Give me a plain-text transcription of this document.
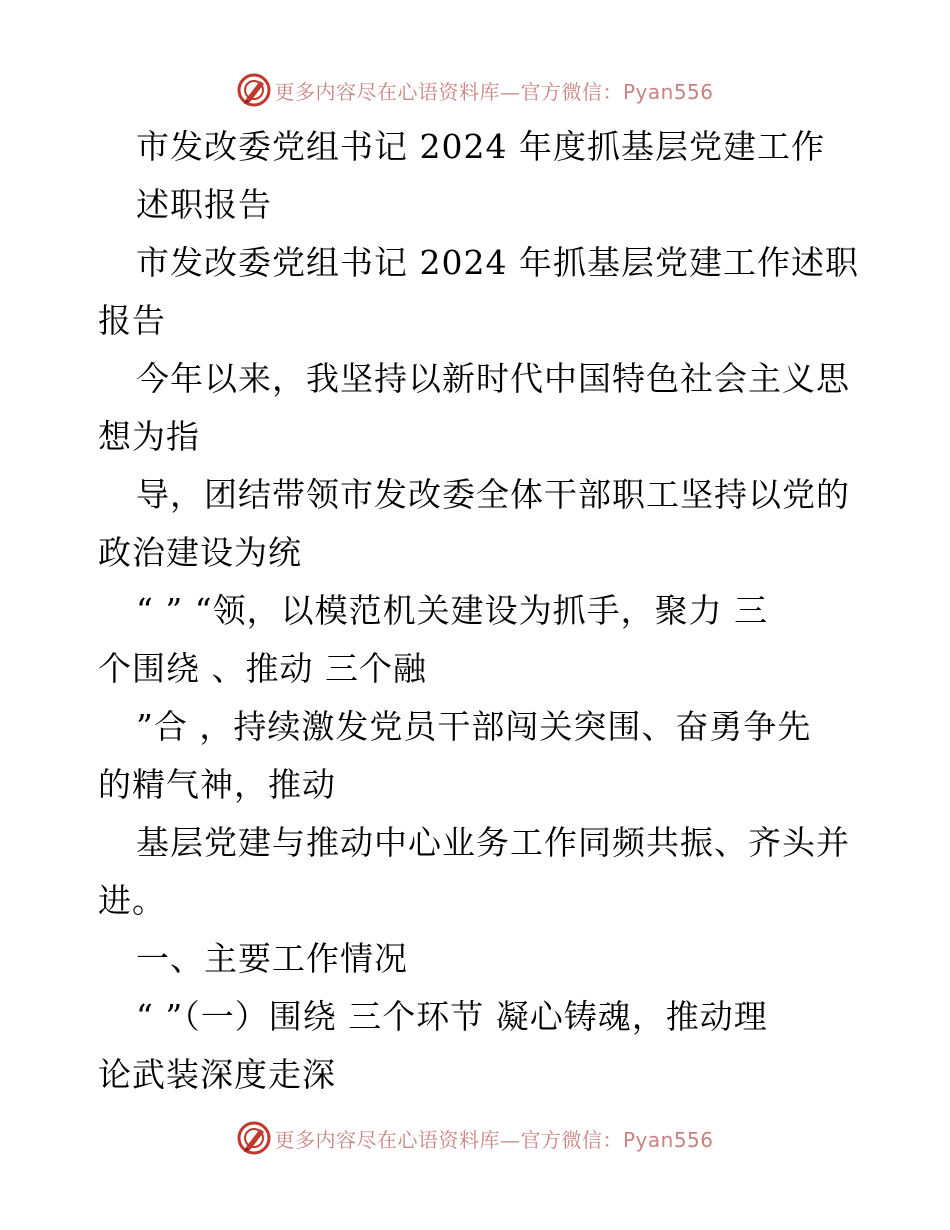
更多内容尽在心语资料库—官方微信：Pyan556

市发改委党组书记 2024 年度抓基层党建工作

述职报告

市发改委党组书记 2024 年抓基层党建工作述职

报告

今年以来，我坚持以新时代中国特色社会主义思

想为指

导，团结带领市发改委全体干部职工坚持以党的

政治建设为统

“ ” “领，以模范机关建设为抓手，聚力 三

个围绕 、推动 三个融

”合 ，持续激发党员干部闯关突围、奋勇争先

的精气神，推动

基层党建与推动中心业务工作同频共振、齐头并

进。

一、主要工作情况

“ ”（一）围绕 三个环节 凝心铸魂，推动理

论武装深度走深

更多内容尽在心语资料库—官方微信：Pyan556
